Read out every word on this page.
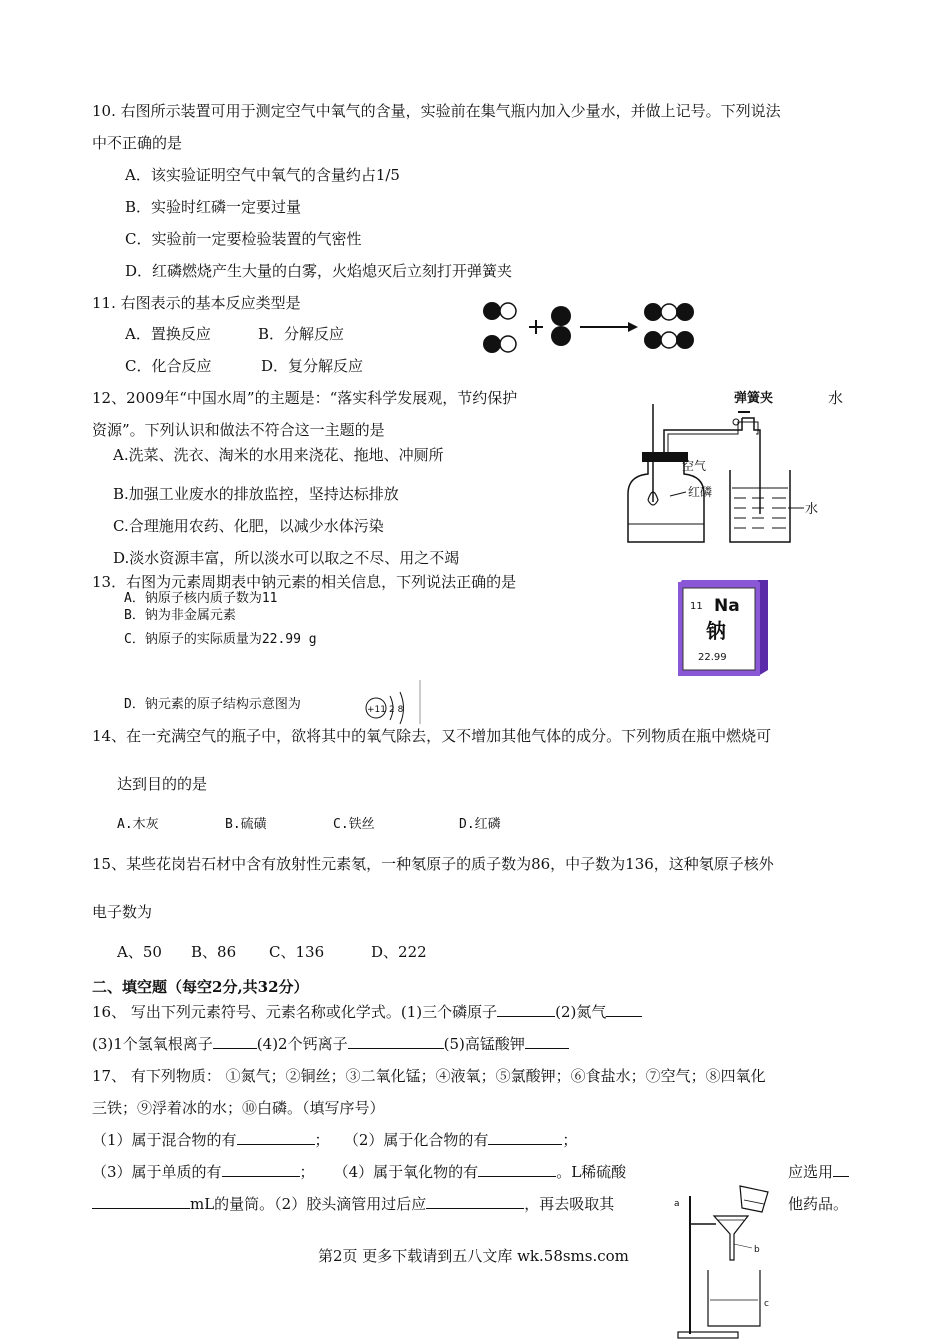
10. 右图所示装置可用于测定空气中氧气的含量，实验前在集气瓶内加入少量水，并做上记号。下列说法
中不正确的是
A．该实验证明空气中氧气的含量约占1/5
B．实验时红磷一定要过量
C．实验前一定要检验装置的气密性
D．红磷燃烧产生大量的白雾，火焰熄灭后立刻打开弹簧夹
11. 右图表示的基本反应类型是
A．置换反应	B．分解反应
C．化合反应	D．复分解反应
12、2009年“中国水周”的主题是：“落实科学发展观，节约保护	水
资源”。下列认识和做法不符合这一主题的是
A.洗菜、洗衣、淘米的水用来浇花、拖地、冲厕所
B.加强工业废水的排放监控，坚持达标排放
C.合理施用农药、化肥，以减少水体污染
D.淡水资源丰富，所以淡水可以取之不尽、用之不竭
弹簧夹
空气
红磷
水
13．右图为元素周期表中钠元素的相关信息，下列说法正确的是
A．钠原子核内质子数为11
B．钠为非金属元素
C．钠原子的实际质量为22.99 g
D．钠元素的原子结构示意图为	+11 2 8
11 Na
钠
22.99
14、在一充满空气的瓶子中，欲将其中的氧气除去，又不增加其他气体的成分。下列物质在瓶中燃烧可
达到目的的是
A.木灰	B.硫磺	C.铁丝	D.红磷
15、某些花岗岩石材中含有放射性元素氡，一种氡原子的质子数为86，中子数为136，这种氡原子核外
电子数为
A、50 B、86 C、136	D、222
二、填空题（每空2分,共32分）
16、 写出下列元素符号、元素名称或化学式。(1)三个磷原子	(2)氮气
(3)1个氢氧根离子	(4)2个钙离子	(5)高锰酸钾
17、 有下列物质： ①氮气；②铜丝；③二氧化锰；④液氧；⑤氯酸钾；⑥食盐水；⑦空气；⑧四氧化
三铁；⑨浮着冰的水；⑩白磷。（填写序号）
（1）属于混合物的有	； （2）属于化合物的有	；
（3）属于单质的有	； （4）属于氧化物的有	。L稀硫酸	应选用
mL的量筒。（2）胶头滴管用过后应	，再去吸取其	他药品。
a
b
c
第2页 更多下载请到五八文库 wk.58sms.com
